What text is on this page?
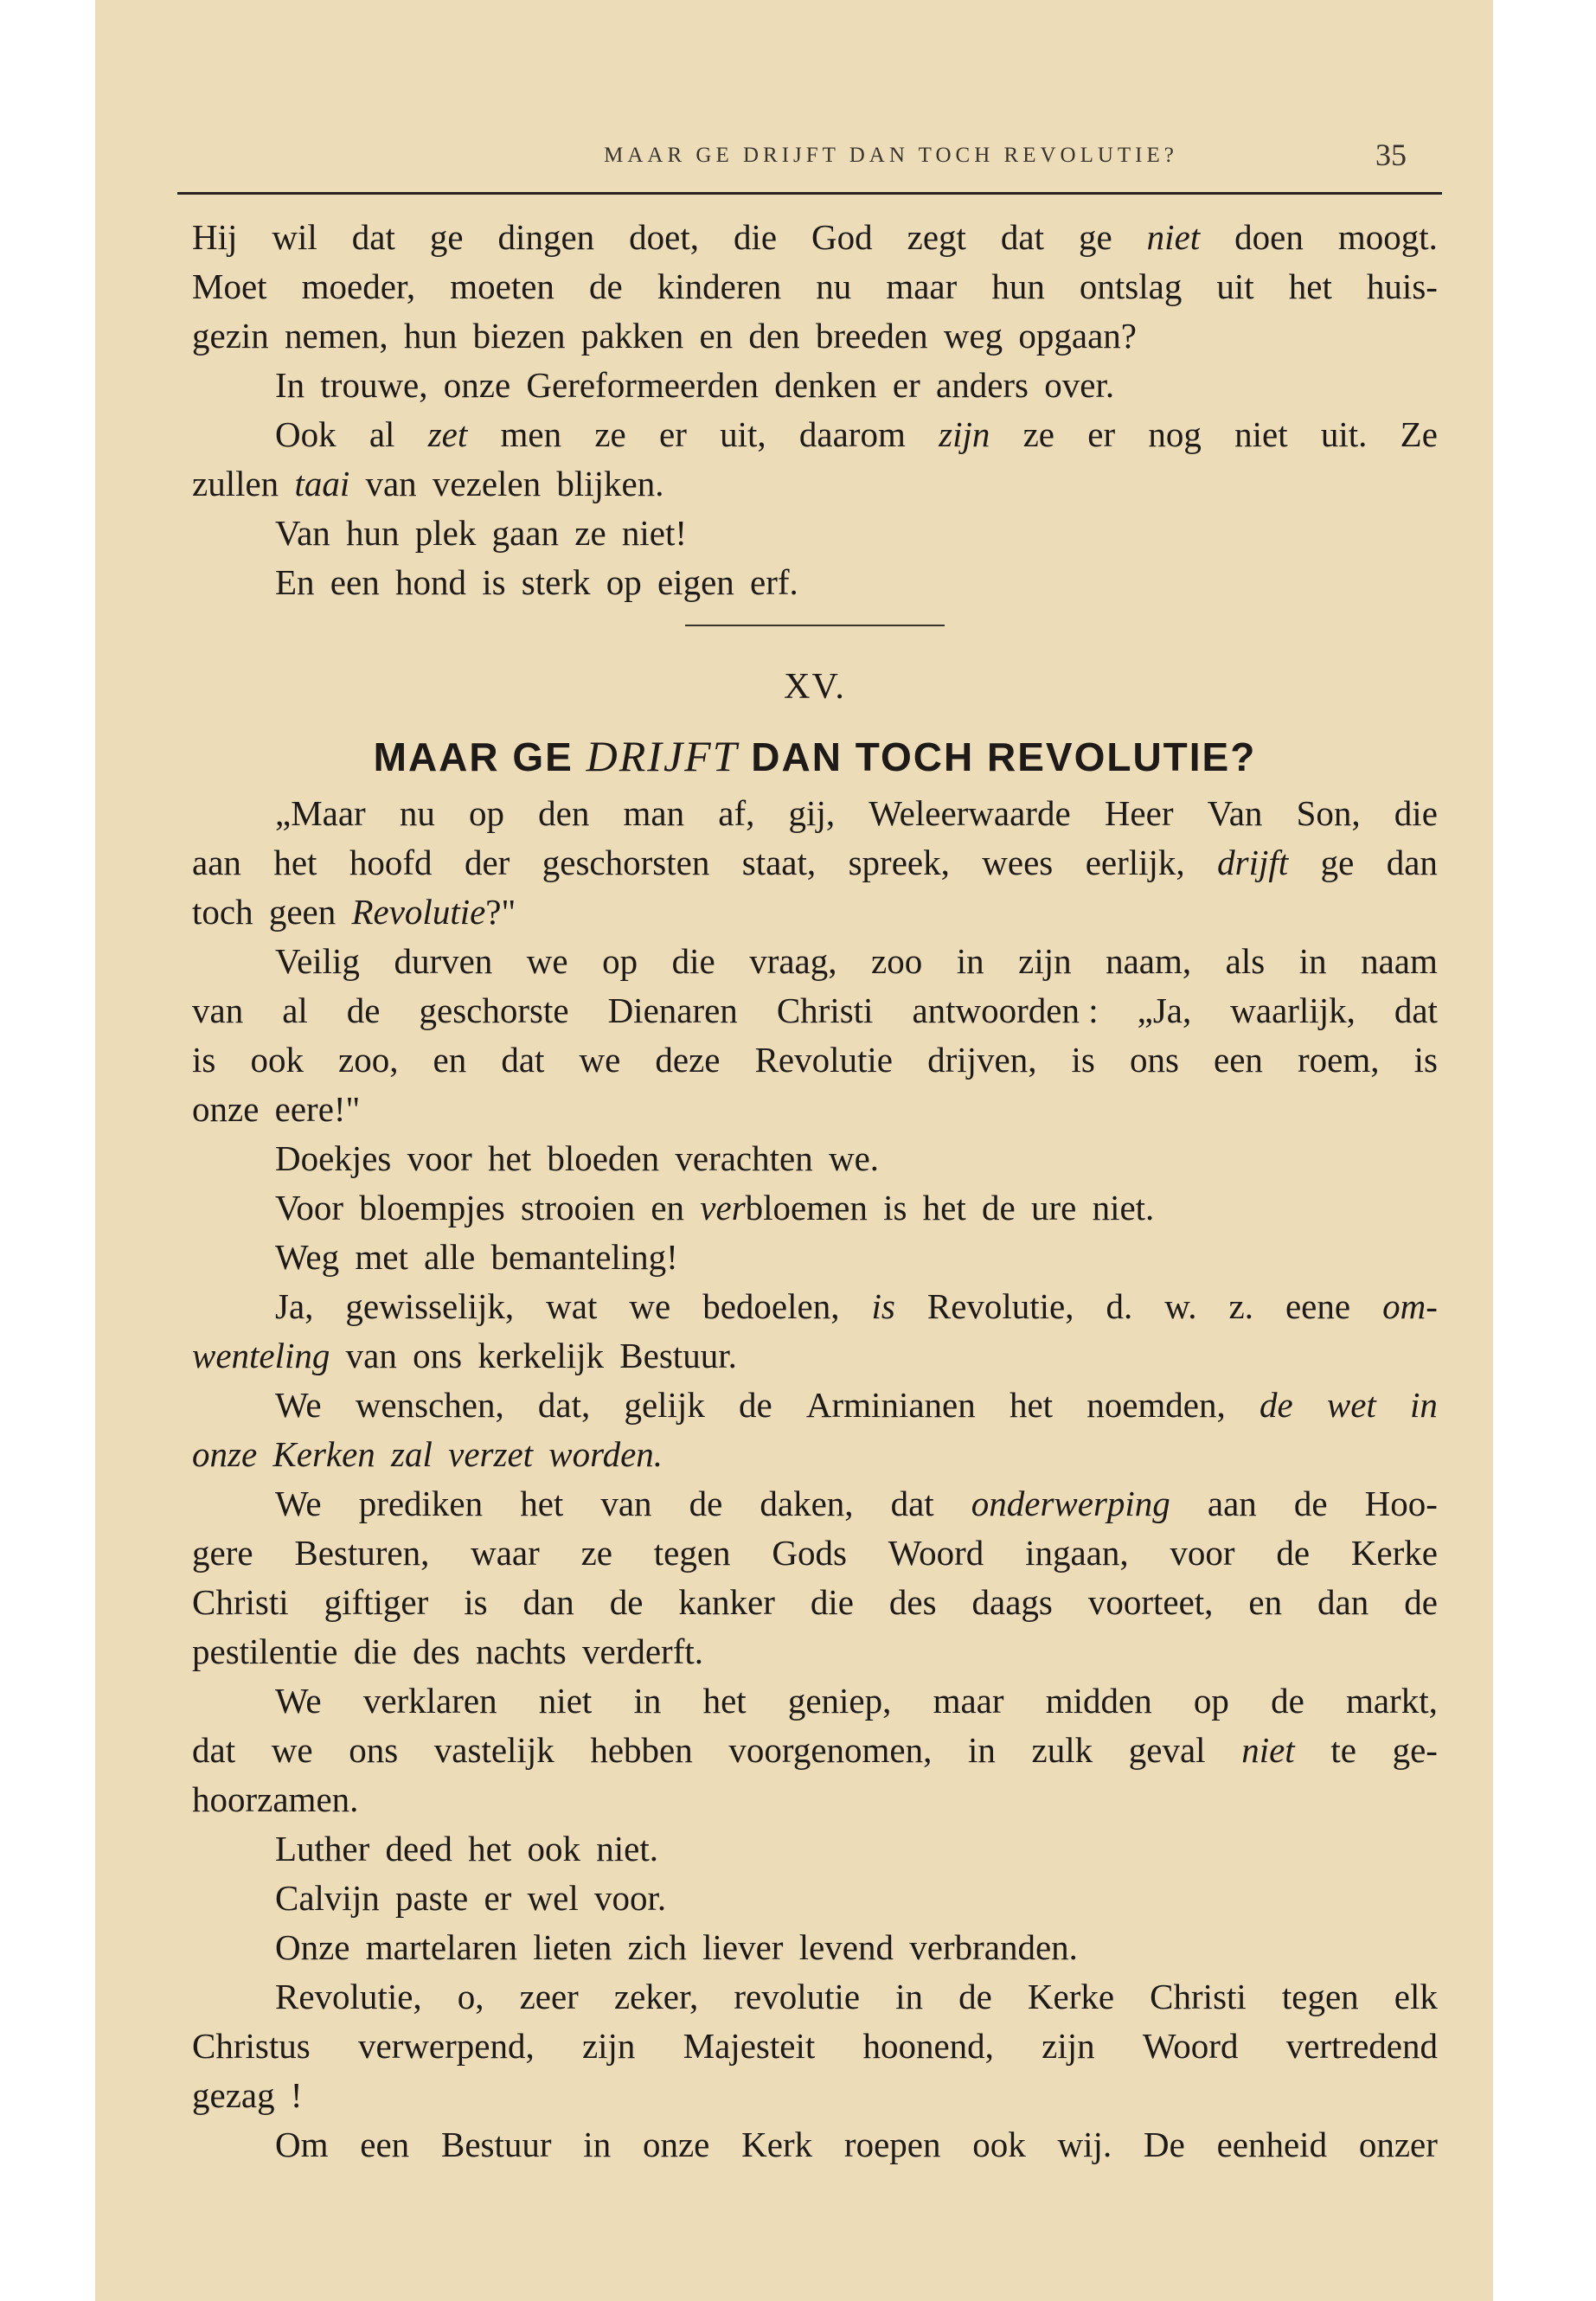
MAAR GE DRIJFT DAN TOCH REVOLUTIE?	35
Hij wil dat ge dingen doet, die God zegt dat ge niet doen moogt.
Moet moeder, moeten de kinderen nu maar hun ontslag uit het huis-
gezin nemen, hun biezen pakken en den breeden weg opgaan?
In trouwe, onze Gereformeerden denken er anders over.
Ook al zet men ze er uit, daarom zijn ze er nog niet uit. Ze
zullen
taai
van vezelen blijken.
Van hun plek gaan ze niet!
En een hond is sterk op eigen erf.
XV.
MAAR GE DRIJFT DAN TOCH REVOLUTIE?
„Maar nu op den man af, gij, Weleerwaarde Heer Van Son, die
aan het hoofd der geschorsten staat, spreek, wees eerlijk, drijft ge dan
toch geen
Revolutie ?"
Veilig durven we op die vraag, zoo in zijn naam, als in naam
van al de geschorste Dienaren Christi antwoorden : „Ja, waarlijk, dat
is ook zoo, en dat we deze Revolutie drijven, is ons een roem, is
onze eere!"
Doekjes voor het bloeden verachten we.
Voor bloempjes strooien en
ver bloemen is het de ure niet.
Weg met alle bemanteling!
Ja, gewisselijk, wat we bedoelen, is Revolutie, d. w. z. eene om-
wenteling
van ons kerkelijk Bestuur.
We wenschen, dat, gelijk de Arminianen het noemden, de wet in
onze Kerken zal verzet worden.
We prediken het van de daken, dat onderwerping aan de Hoo-
gere Besturen, waar ze tegen Gods Woord ingaan, voor de Kerke
Christi giftiger is dan de kanker die des daags voorteet, en dan de
pestilentie die des nachts verderft.
We verklaren niet in het geniep, maar midden op de markt,
dat we ons vastelijk hebben voorgenomen, in zulk geval niet te ge-
hoorzamen.
Luther deed het ook niet.
Calvijn paste er wel voor.
Onze martelaren lieten zich liever levend verbranden.
Revolutie, o, zeer zeker, revolutie in de Kerke Christi tegen elk
Christus verwerpend, zijn Majesteit hoonend, zijn Woord vertredend
gezag !
Om een Bestuur in onze Kerk roepen ook wij. De eenheid onzer
